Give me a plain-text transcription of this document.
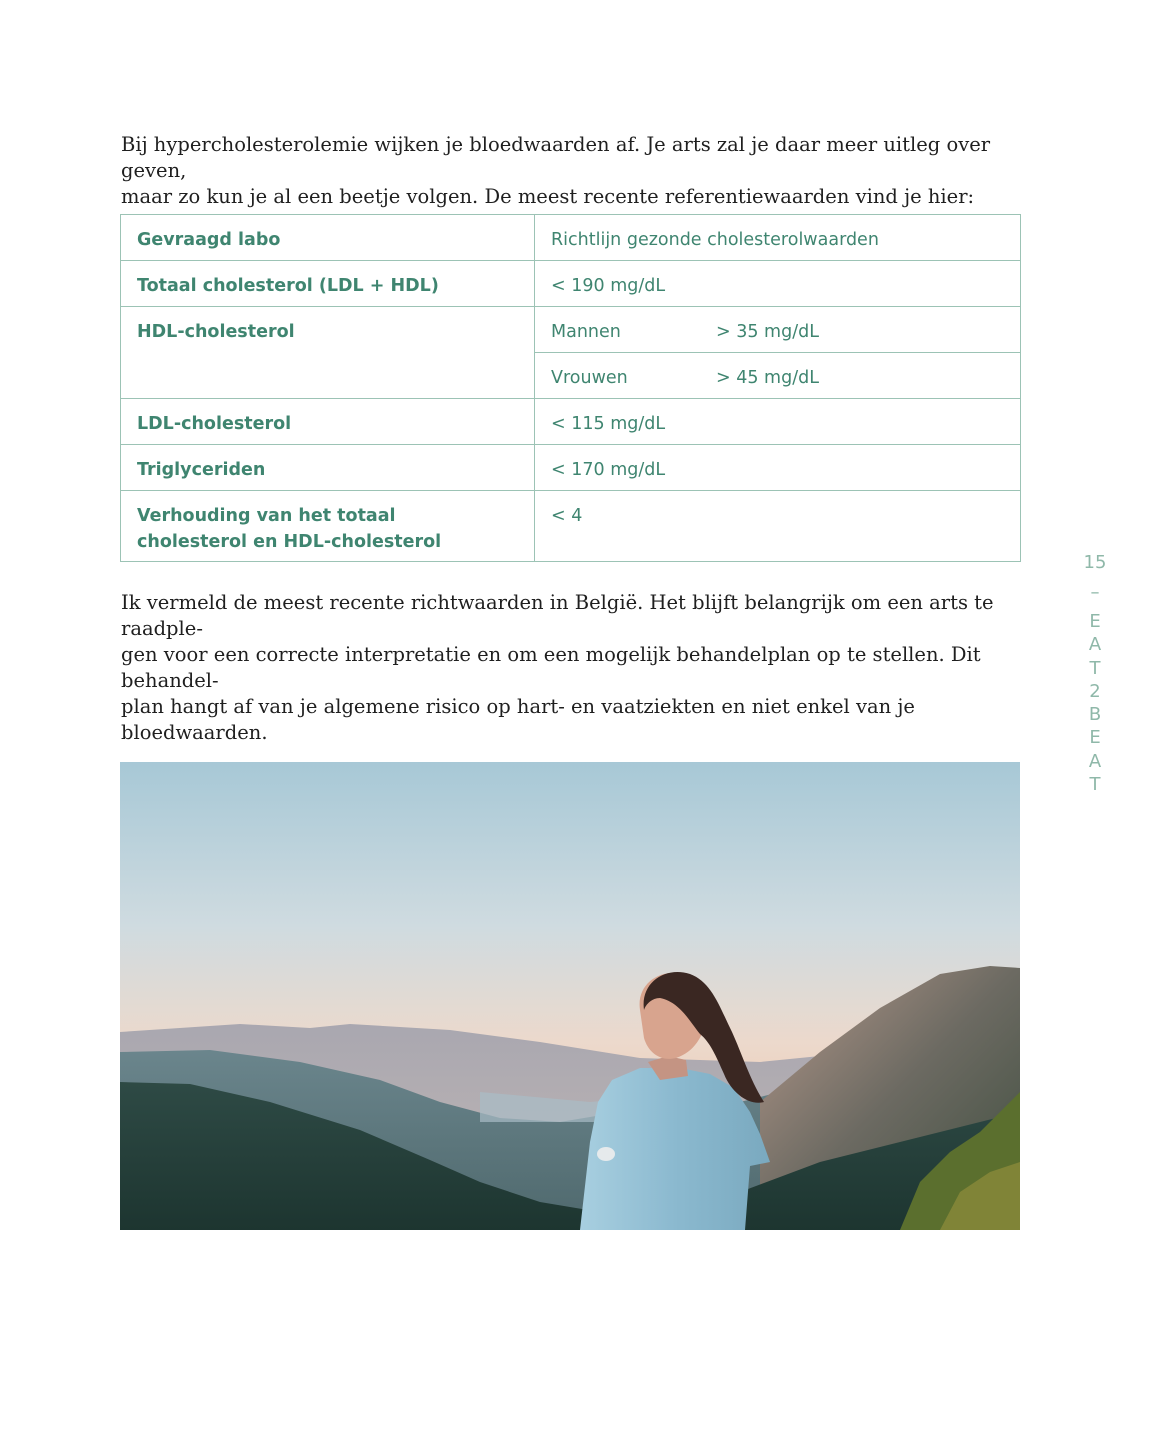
Bij hypercholesterolemie wijken je bloedwaarden af. Je arts zal je daar meer uitleg over geven,
maar zo kun je al een beetje volgen. De meest recente referentiewaarden vind je hier:

Gevraagd labo	Richtlijn gezonde cholesterolwaarden
Totaal cholesterol (LDL + HDL)	< 190 mg/dL
HDL-cholesterol	Mannen > 35 mg/dL
	Vrouwen > 45 mg/dL
LDL-cholesterol	< 115 mg/dL
Triglyceriden	< 170 mg/dL
Verhouding van het totaal
cholesterol en HDL-cholesterol	< 4

Ik vermeld de meest recente richtwaarden in België. Het blijft belangrijk om een arts te raadple-
gen voor een correcte interpretatie en om een mogelijk behandelplan op te stellen. Dit behandel-
plan hangt af van je algemene risico op hart- en vaatziekten en niet enkel van je bloedwaarden.

15
–
E
A
T
2
B
E
A
T
